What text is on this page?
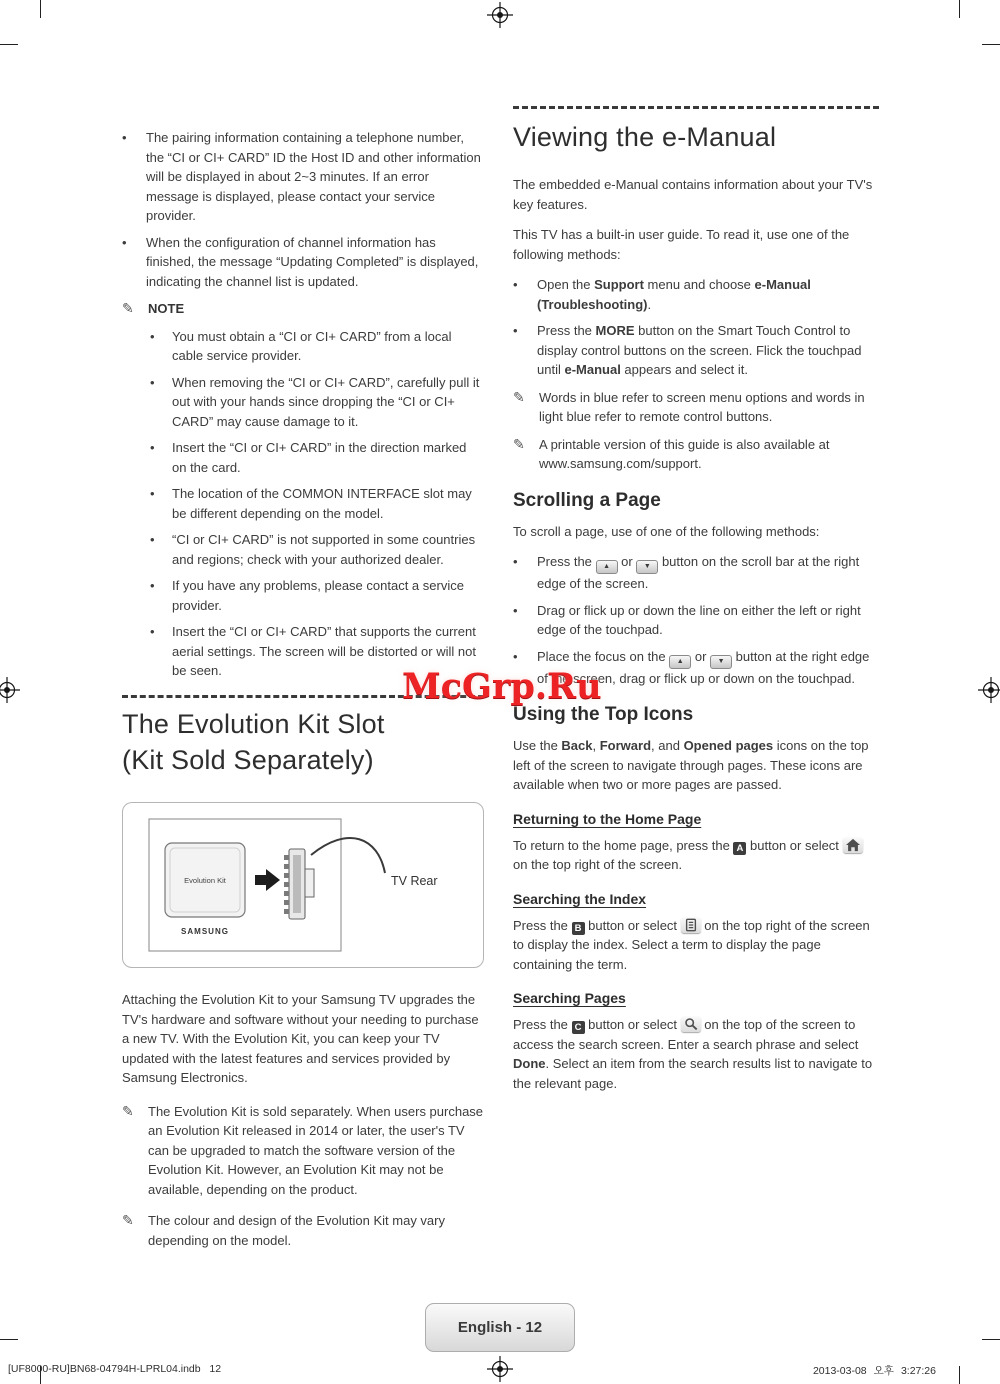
•	The pairing information containing a telephone number, the “CI or CI+ CARD” ID the Host ID and other information will be displayed in about 2~3 minutes. If an error message is displayed, please contact your service provider.
•	When the configuration of channel information has finished, the message “Updating Completed” is displayed, indicating the channel list is updated.
✎	NOTE
•	You must obtain a “CI or CI+ CARD” from a local cable service provider.
•	When removing the “CI or CI+ CARD”, carefully pull it out with your hands since dropping the “CI or CI+ CARD” may cause damage to it.
•	Insert the “CI or CI+ CARD” in the direction marked on the card.
•	The location of the COMMON INTERFACE slot may be different depending on the model.
•	“CI or CI+ CARD” is not supported in some countries and regions; check with your authorized dealer.
•	If you have any problems, please contact a service provider.
•	Insert the “CI or CI+ CARD” that supports the current aerial settings. The screen will be distorted or will not be seen.
The Evolution Kit Slot
(Kit Sold Separately)
Evolution Kit
SAMSUNG
TV Rear

Attaching the Evolution Kit to your Samsung TV upgrades the TV's hardware and software without your needing to purchase a new TV. With the Evolution Kit, you can keep your TV updated with the latest features and services provided by Samsung Electronics.

✎	The Evolution Kit is sold separately. When users purchase an Evolution Kit released in 2014 or later, the user's TV can be upgraded to match the software version of the Evolution Kit. However, an Evolution Kit may not be available, depending on the product.
✎	The colour and design of the Evolution Kit may vary depending on the model.
Viewing the e-Manual

The embedded e-Manual contains information about your TV's key features.

This TV has a built-in user guide. To read it, use one of the following methods:

•	Open the Support menu and choose e-Manual (Troubleshooting).
•	Press the MORE button on the Smart Touch Control to display control buttons on the screen. Flick the touchpad until e-Manual appears and select it.
✎	Words in blue refer to screen menu options and words in light blue refer to remote control buttons.
✎	A printable version of this guide is also available at www.samsung.com/support.
Scrolling a Page

To scroll a page, use of one of the following methods:

•	Press the ▲ or ▼ button on the scroll bar at the right edge of the screen.
•	Drag or flick up or down the line on either the left or right edge of the touchpad.
•	Place the focus on the ▲ or ▼ button at the right edge of the screen, drag or flick up or down on the touchpad.
Using the Top Icons

Use the Back, Forward, and Opened pages icons on the top left of the screen to navigate through pages. These icons are available when two or more pages are passed.

Returning to the Home Page

To return to the home page, press the A button or select
on the top right of the screen.

Searching the Index

Press the B button or select
on the top right of the screen to display the index. Select a term to display the page containing the term.

Searching Pages

Press the C button or select
on the top of the screen to access the search screen. Enter a search phrase and select Done. Select an item from the search results list to navigate to the relevant page.

McGrp.Ru
English - 12
[UF8000-RU]BN68-04794H-LPRL04.indb   12	2013-03-08 오후 3:27:26
